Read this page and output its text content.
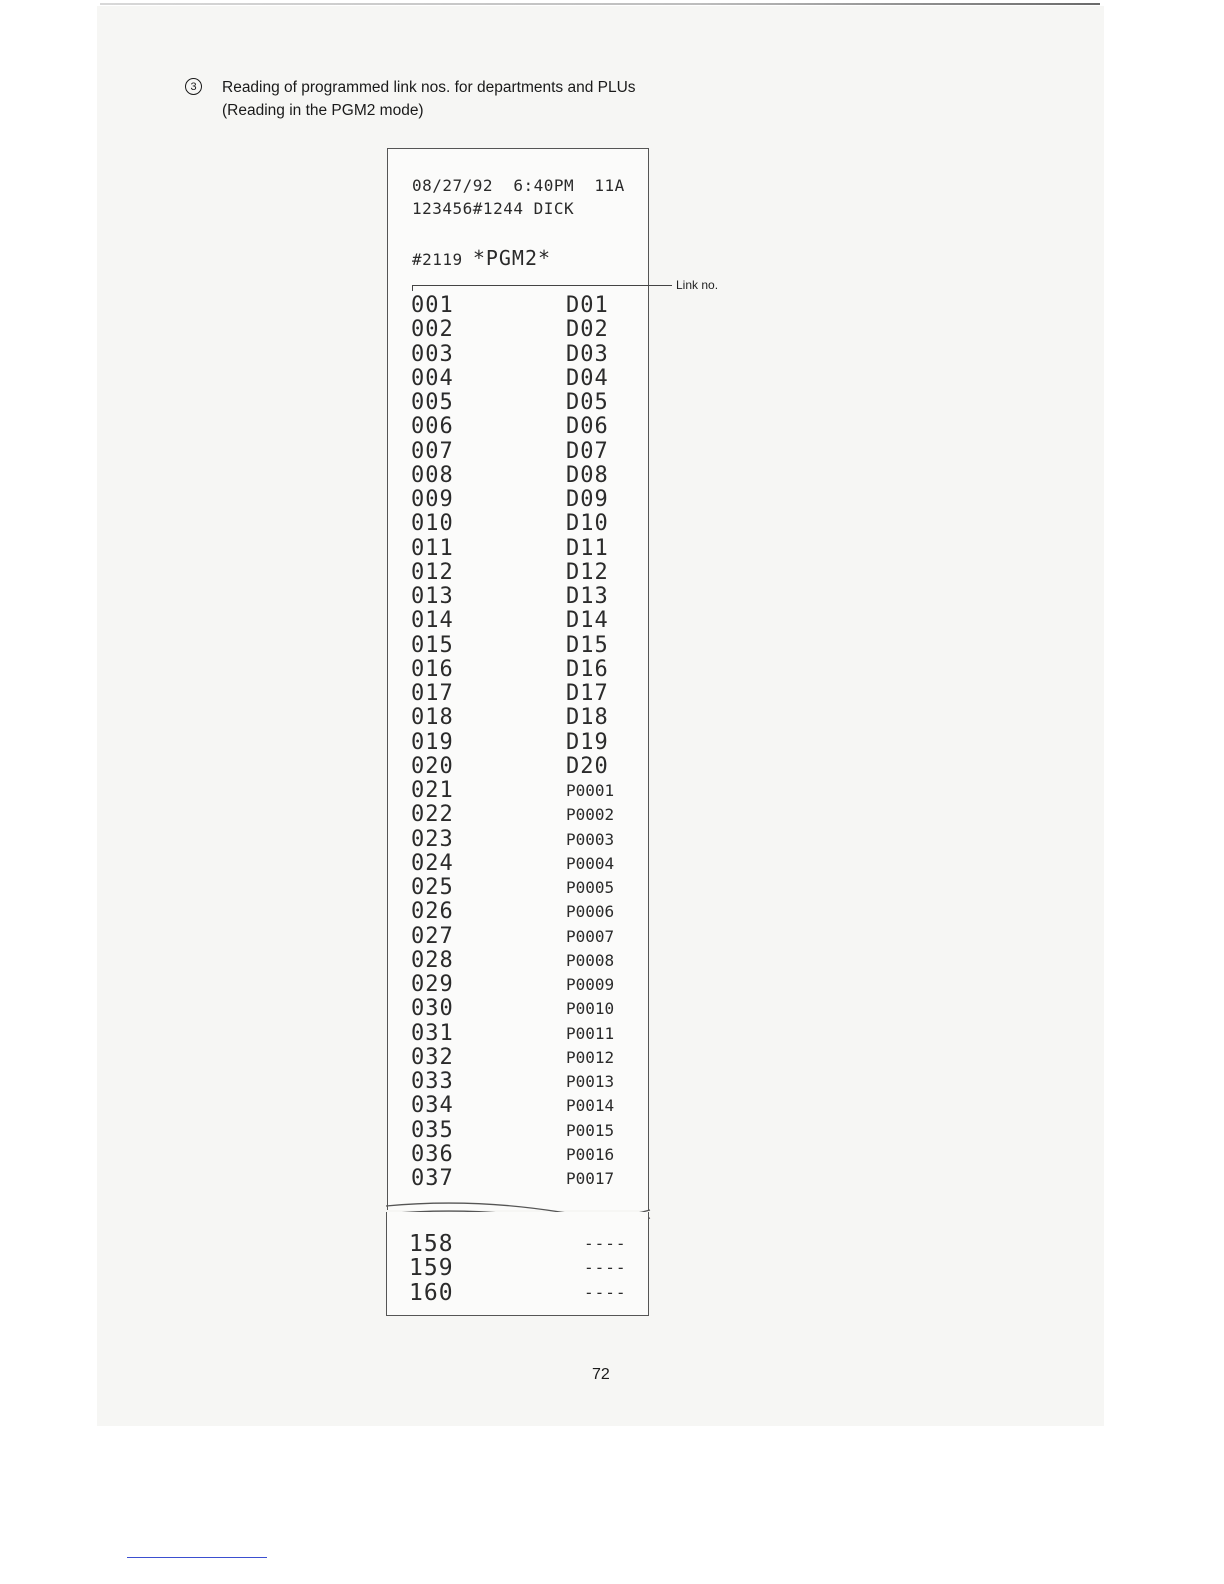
3	Reading of programmed link nos. for departments and PLUs
(Reading in the PGM2 mode)
08/27/92  6:40PM  11A
123456#1244 DICK
#2119 *PGM2*
Link no.
001	D01
002	D02
003	D03
004	D04
005	D05
006	D06
007	D07
008	D08
009	D09
010	D10
011	D11
012	D12
013	D13
014	D14
015	D15
016	D16
017	D17
018	D18
019	D19
020	D20
021	P0001
022	P0002
023	P0003
024	P0004
025	P0005
026	P0006
027	P0007
028	P0008
029	P0009
030	P0010
031	P0011
032	P0012
033	P0013
034	P0014
035	P0015
036	P0016
037	P0017
158	----
159	----
160	----
72
